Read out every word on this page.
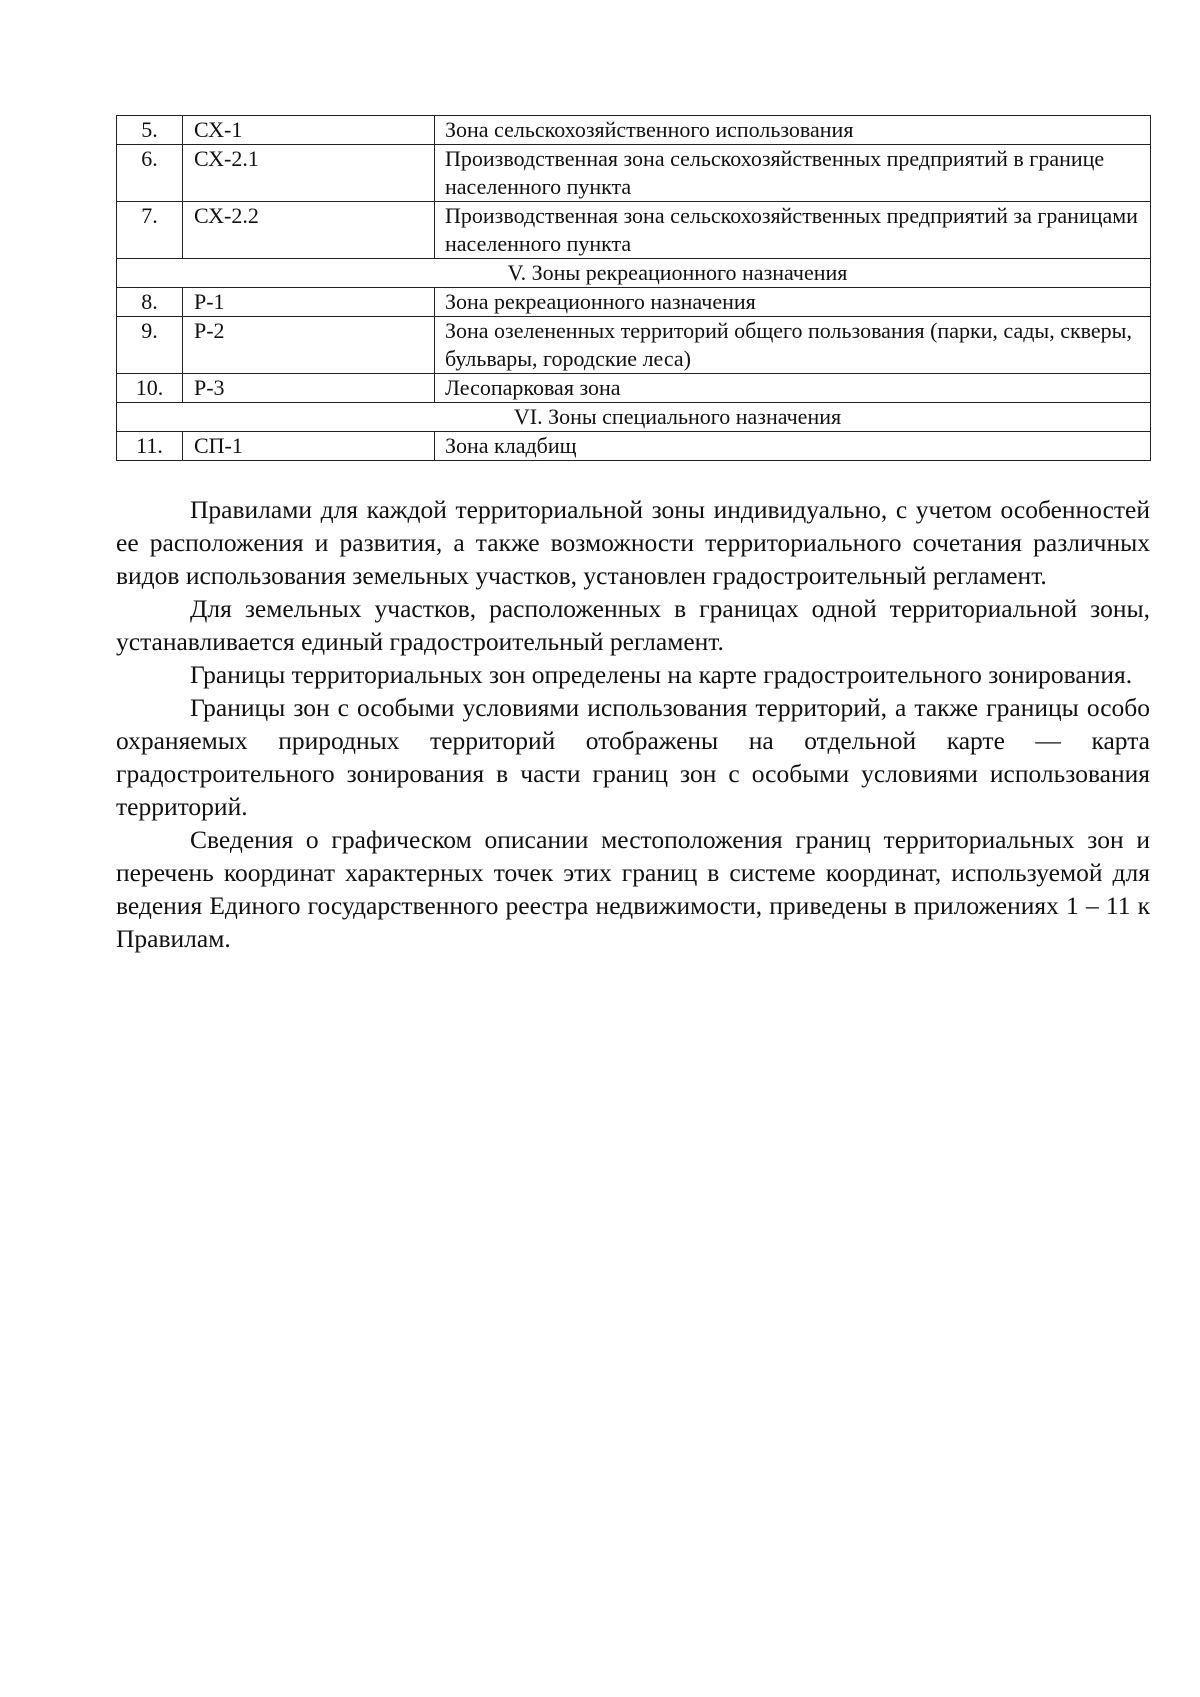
5.	СХ-1	Зона сельскохозяйственного использования
6.	СХ-2.1	Производственная зона сельскохозяйственных предприятий в границе населенного пункта
7.	СХ-2.2	Производственная зона сельскохозяйственных предприятий за границами населенного пункта
V. Зоны рекреационного назначения		
8.	Р-1	Зона рекреационного назначения
9.	Р-2	Зона озелененных территорий общего пользования (парки, сады, скверы, бульвары, городские леса)
10.	Р-3	Лесопарковая зона
VI. Зоны специального назначения		
11.	СП-1	Зона кладбищ

Правилами для каждой территориальной зоны индивидуально, с учетом особенностей ее расположения и развития, а также возможности территориального сочетания различных видов использования земельных участков, установлен градостроительный регламент.

Для земельных участков, расположенных в границах одной территориальной зоны, устанавливается единый градостроительный регламент.

Границы территориальных зон определены на карте градостроительного зонирования.

Границы зон с особыми условиями использования территорий, а также границы особо охраняемых природных территорий отображены на отдельной карте — карта градостроительного зонирования в части границ зон с особыми условиями использования территорий.

Сведения о графическом описании местоположения границ территориальных зон и перечень координат характерных точек этих границ в системе координат, используемой для ведения Единого государственного реестра недвижимости, приведены в приложениях 1 – 11 к Правилам.
